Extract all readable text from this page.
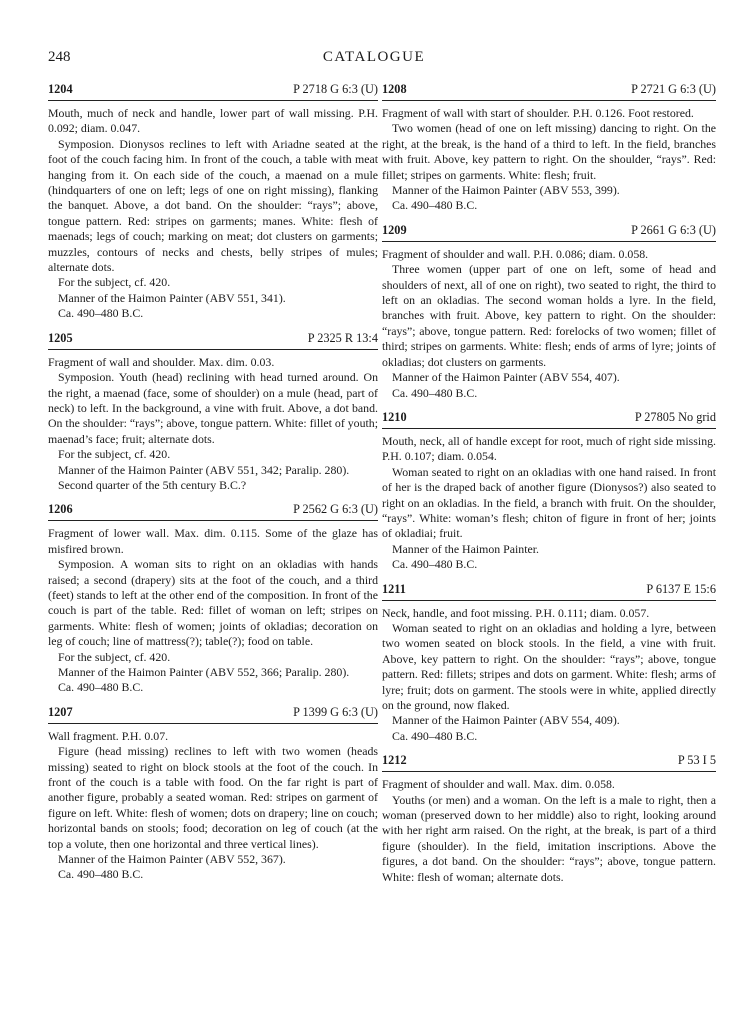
248	CATALOGUE
1204	P 2718 G 6:3 (U)

Mouth, much of neck and handle, lower part of wall missing. P.H. 0.092; diam. 0.047.

Symposion. Dionysos reclines to left with Ariadne seated at the foot of the couch facing him. In front of the couch, a table with meat hanging from it. On each side of the couch, a maenad on a mule (hindquarters of one on left; legs of one on right missing), flanking the banquet. Above, a dot band. On the shoulder: “rays”; above, tongue pattern. Red: stripes on garments; manes. White: flesh of maenads; legs of couch; marking on meat; dot clusters on garments; muzzles, contours of necks and chests, belly stripes of mules; alternate dots.

For the subject, cf. 420.

Manner of the Haimon Painter (ABV 551, 341).

Ca. 490–480 B.C.

1205	P 2325 R 13:4

Fragment of wall and shoulder. Max. dim. 0.03.

Symposion. Youth (head) reclining with head turned around. On the right, a maenad (face, some of shoulder) on a mule (head, part of neck) to left. In the background, a vine with fruit. Above, a dot band. On the shoulder: “rays”; above, tongue pattern. White: fillet of youth; maenad’s face; fruit; alternate dots.

For the subject, cf. 420.

Manner of the Haimon Painter (ABV 551, 342; Paralip. 280).

Second quarter of the 5th century B.C.?

1206	P 2562 G 6:3 (U)

Fragment of lower wall. Max. dim. 0.115. Some of the glaze has misfired brown.

Symposion. A woman sits to right on an okladias with hands raised; a second (drapery) sits at the foot of the couch, and a third (feet) stands to left at the other end of the composition. In front of the couch is part of the table. Red: fillet of woman on left; stripes on garments. White: flesh of women; joints of okladias; decoration on leg of couch; line of mattress(?); table(?); food on table.

For the subject, cf. 420.

Manner of the Haimon Painter (ABV 552, 366; Paralip. 280).

Ca. 490–480 B.C.

1207	P 1399 G 6:3 (U)

Wall fragment. P.H. 0.07.

Figure (head missing) reclines to left with two women (heads missing) seated to right on block stools at the foot of the couch. In front of the couch is a table with food. On the far right is part of another figure, probably a seated woman. Red: stripes on garment of figure on left. White: flesh of women; dots on drapery; line on couch; horizontal bands on stools; food; decoration on leg of couch (at the top a volute, then one horizontal and three vertical lines).

Manner of the Haimon Painter (ABV 552, 367).

Ca. 490–480 B.C.

1208	P 2721 G 6:3 (U)

Fragment of wall with start of shoulder. P.H. 0.126. Foot restored.

Two women (head of one on left missing) dancing to right. On the right, at the break, is the hand of a third to left. In the field, branches with fruit. Above, key pattern to right. On the shoulder, “rays”. Red: fillet; stripes on garments. White: flesh; fruit.

Manner of the Haimon Painter (ABV 553, 399).

Ca. 490–480 B.C.

1209	P 2661 G 6:3 (U)

Fragment of shoulder and wall. P.H. 0.086; diam. 0.058.

Three women (upper part of one on left, some of head and shoulders of next, all of one on right), two seated to right, the third to left on an okladias. The second woman holds a lyre. In the field, branches with fruit. Above, key pattern to right. On the shoulder: “rays”; above, tongue pattern. Red: forelocks of two women; fillet of third; stripes on garments. White: flesh; ends of arms of lyre; joints of okladias; dot clusters on garments.

Manner of the Haimon Painter (ABV 554, 407).

Ca. 490–480 B.C.

1210	P 27805 No grid

Mouth, neck, all of handle except for root, much of right side missing. P.H. 0.107; diam. 0.054.

Woman seated to right on an okladias with one hand raised. In front of her is the draped back of another figure (Dionysos?) also seated to right on an okladias. In the field, a branch with fruit. On the shoulder, “rays”. White: woman’s flesh; chiton of figure in front of her; joints of okladiai; fruit.

Manner of the Haimon Painter.

Ca. 490–480 B.C.

1211	P 6137 E 15:6

Neck, handle, and foot missing. P.H. 0.111; diam. 0.057.

Woman seated to right on an okladias and holding a lyre, between two women seated on block stools. In the field, a vine with fruit. Above, key pattern to right. On the shoulder: “rays”; above, tongue pattern. Red: fillets; stripes and dots on garment. White: flesh; arms of lyre; fruit; dots on garment. The stools were in white, applied directly on the ground, now flaked.

Manner of the Haimon Painter (ABV 554, 409).

Ca. 490–480 B.C.

1212	P 53 I 5

Fragment of shoulder and wall. Max. dim. 0.058.

Youths (or men) and a woman. On the left is a male to right, then a woman (preserved down to her middle) also to right, looking around with her right arm raised. On the right, at the break, is part of a third figure (shoulder). In the field, imitation inscriptions. Above the figures, a dot band. On the shoulder: “rays”; above, tongue pattern. White: flesh of woman; alternate dots.
